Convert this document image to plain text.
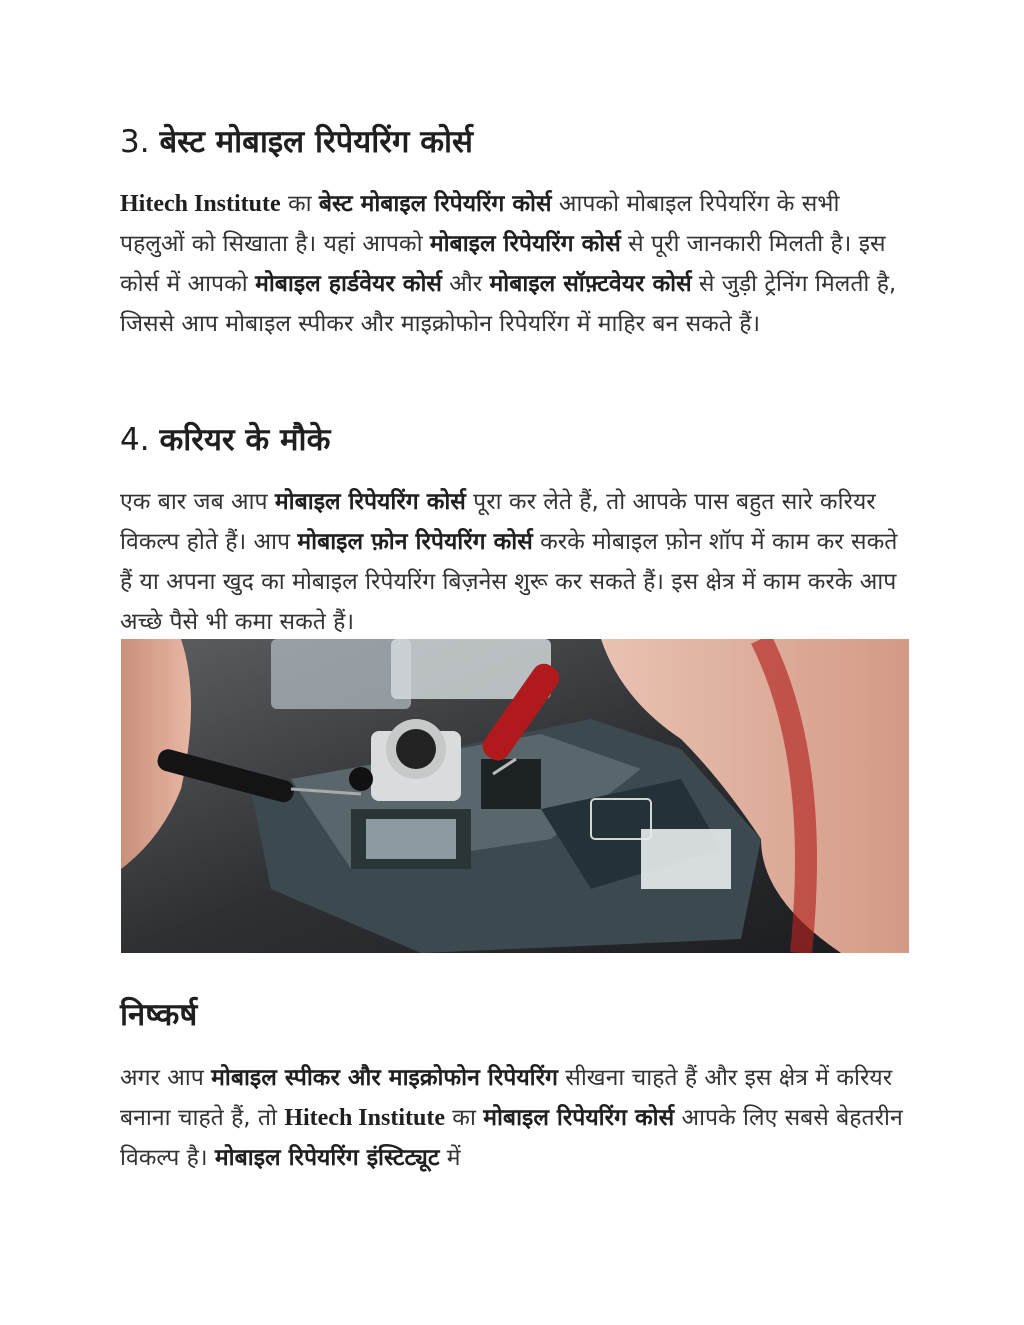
3. बेस्ट मोबाइल रिपेयरिंग कोर्स

Hitech Institute का बेस्ट मोबाइल रिपेयरिंग कोर्स आपको मोबाइल रिपेयरिंग के सभी पहलुओं को सिखाता है। यहां आपको मोबाइल रिपेयरिंग कोर्स से पूरी जानकारी मिलती है। इस कोर्स में आपको मोबाइल हार्डवेयर कोर्स और मोबाइल सॉफ़्टवेयर कोर्स से जुड़ी ट्रेनिंग मिलती है, जिससे आप मोबाइल स्पीकर और माइक्रोफोन रिपेयरिंग में माहिर बन सकते हैं।

4. करियर के मौके

एक बार जब आप मोबाइल रिपेयरिंग कोर्स पूरा कर लेते हैं, तो आपके पास बहुत सारे करियर विकल्प होते हैं। आप मोबाइल फ़ोन रिपेयरिंग कोर्स करके मोबाइल फ़ोन शॉप में काम कर सकते हैं या अपना खुद का मोबाइल रिपेयरिंग बिज़नेस शुरू कर सकते हैं। इस क्षेत्र में काम करके आप अच्छे पैसे भी कमा सकते हैं।

निष्कर्ष

अगर आप मोबाइल स्पीकर और माइक्रोफोन रिपेयरिंग सीखना चाहते हैं और इस क्षेत्र में करियर बनाना चाहते हैं, तो Hitech Institute का मोबाइल रिपेयरिंग कोर्स आपके लिए सबसे बेहतरीन विकल्प है। मोबाइल रिपेयरिंग इंस्टिट्यूट में
